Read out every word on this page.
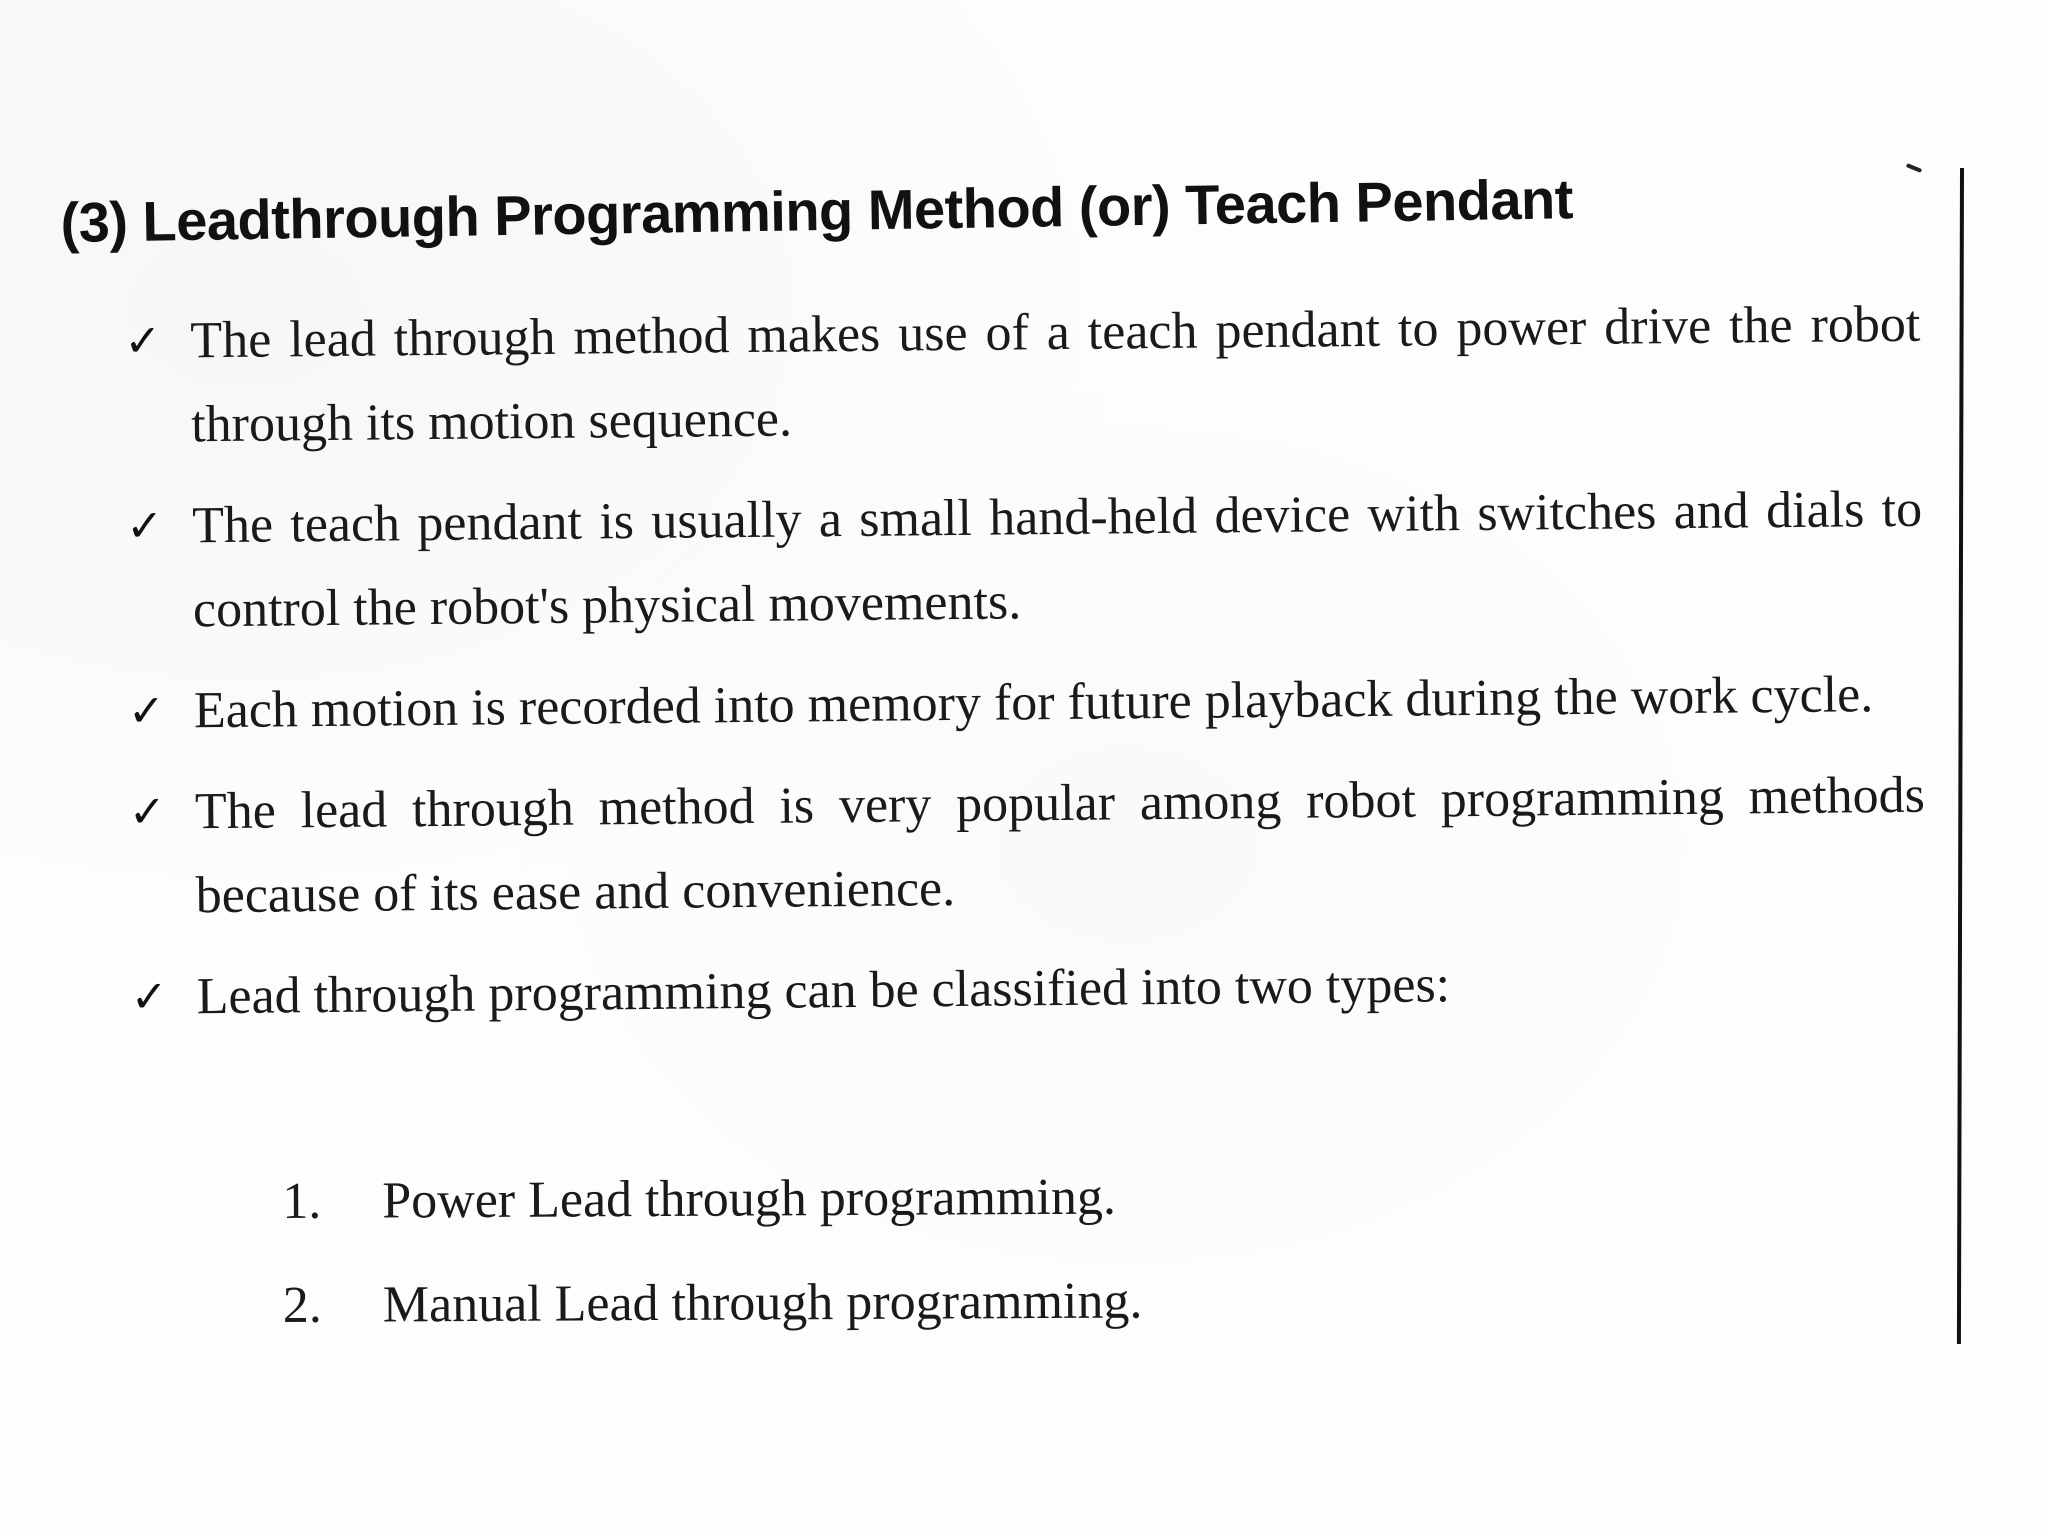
(3) Leadthrough Programming Method (or) Teach Pendant
✓ The lead through method makes use of a teach pendant to power drive the robot through its motion sequence.
✓ The teach pendant is usually a small hand-held device with switches and dials to control the robot's physical movements.
✓ Each motion is recorded into memory for future playback during the work cycle.
✓ The lead through method is very popular among robot programming methods because of its ease and convenience.
✓ Lead through programming can be classified into two types:
1. Power Lead through programming.
2. Manual Lead through programming.
